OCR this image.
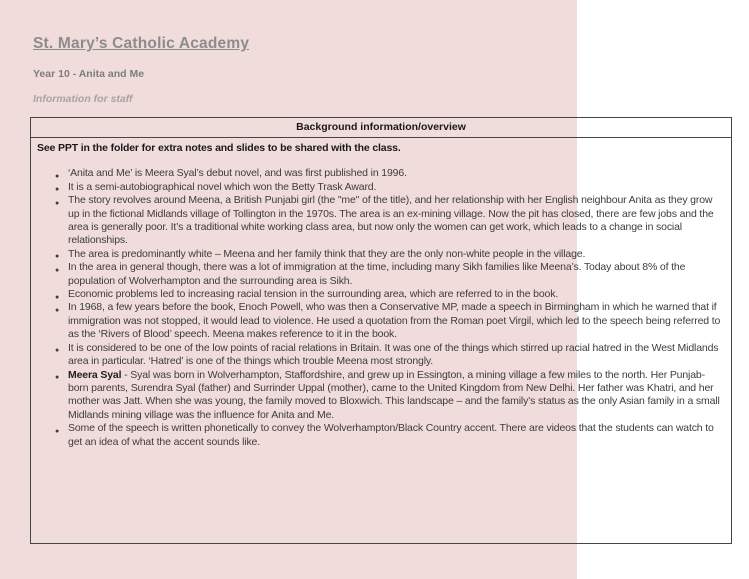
St. Mary’s Catholic Academy
Year 10 - Anita and Me
Information for staff
Background information/overview

See PPT in the folder for extra notes and slides to be shared with the class.

● ‘Anita and Me’ is Meera Syal’s debut novel, and was first published in 1996.
● It is a semi-autobiographical novel which won the Betty Trask Award.
● The story revolves around Meena, a British Punjabi girl (the "me" of the title), and her relationship with her English neighbour Anita as they grow up in the fictional Midlands village of Tollington in the 1970s. The area is an ex-mining village. Now the pit has closed, there are few jobs and the area is generally poor. It’s a traditional white working class area, but now only the women can get work, which leads to a change in social relationships.
● The area is predominantly white – Meena and her family think that they are the only non-white people in the village.
● In the area in general though, there was a lot of immigration at the time, including many Sikh families like Meena’s. Today about 8% of the population of Wolverhampton and the surrounding area is Sikh.
● Economic problems led to increasing racial tension in the surrounding area, which are referred to in the book.
● In 1968, a few years before the book, Enoch Powell, who was then a Conservative MP, made a speech in Birmingham in which he warned that if immigration was not stopped, it would lead to violence. He used a quotation from the Roman poet Virgil, which led to the speech being referred to as the ‘Rivers of Blood’ speech. Meena makes reference to it in the book.
● It is considered to be one of the low points of racial relations in Britain. It was one of the things which stirred up racial hatred in the West Midlands area in particular. ‘Hatred’ is one of the things which trouble Meena most strongly.
● Meera Syal - Syal was born in Wolverhampton, Staffordshire, and grew up in Essington, a mining village a few miles to the north. Her Punjab-born parents, Surendra Syal (father) and Surrinder Uppal (mother), came to the United Kingdom from New Delhi. Her father was Khatri, and her mother was Jatt. When she was young, the family moved to Bloxwich. This landscape – and the family’s status as the only Asian family in a small Midlands mining village was the influence for Anita and Me.
● Some of the speech is written phonetically to convey the Wolverhampton/Black Country accent. There are videos that the students can watch to get an idea of what the accent sounds like.
